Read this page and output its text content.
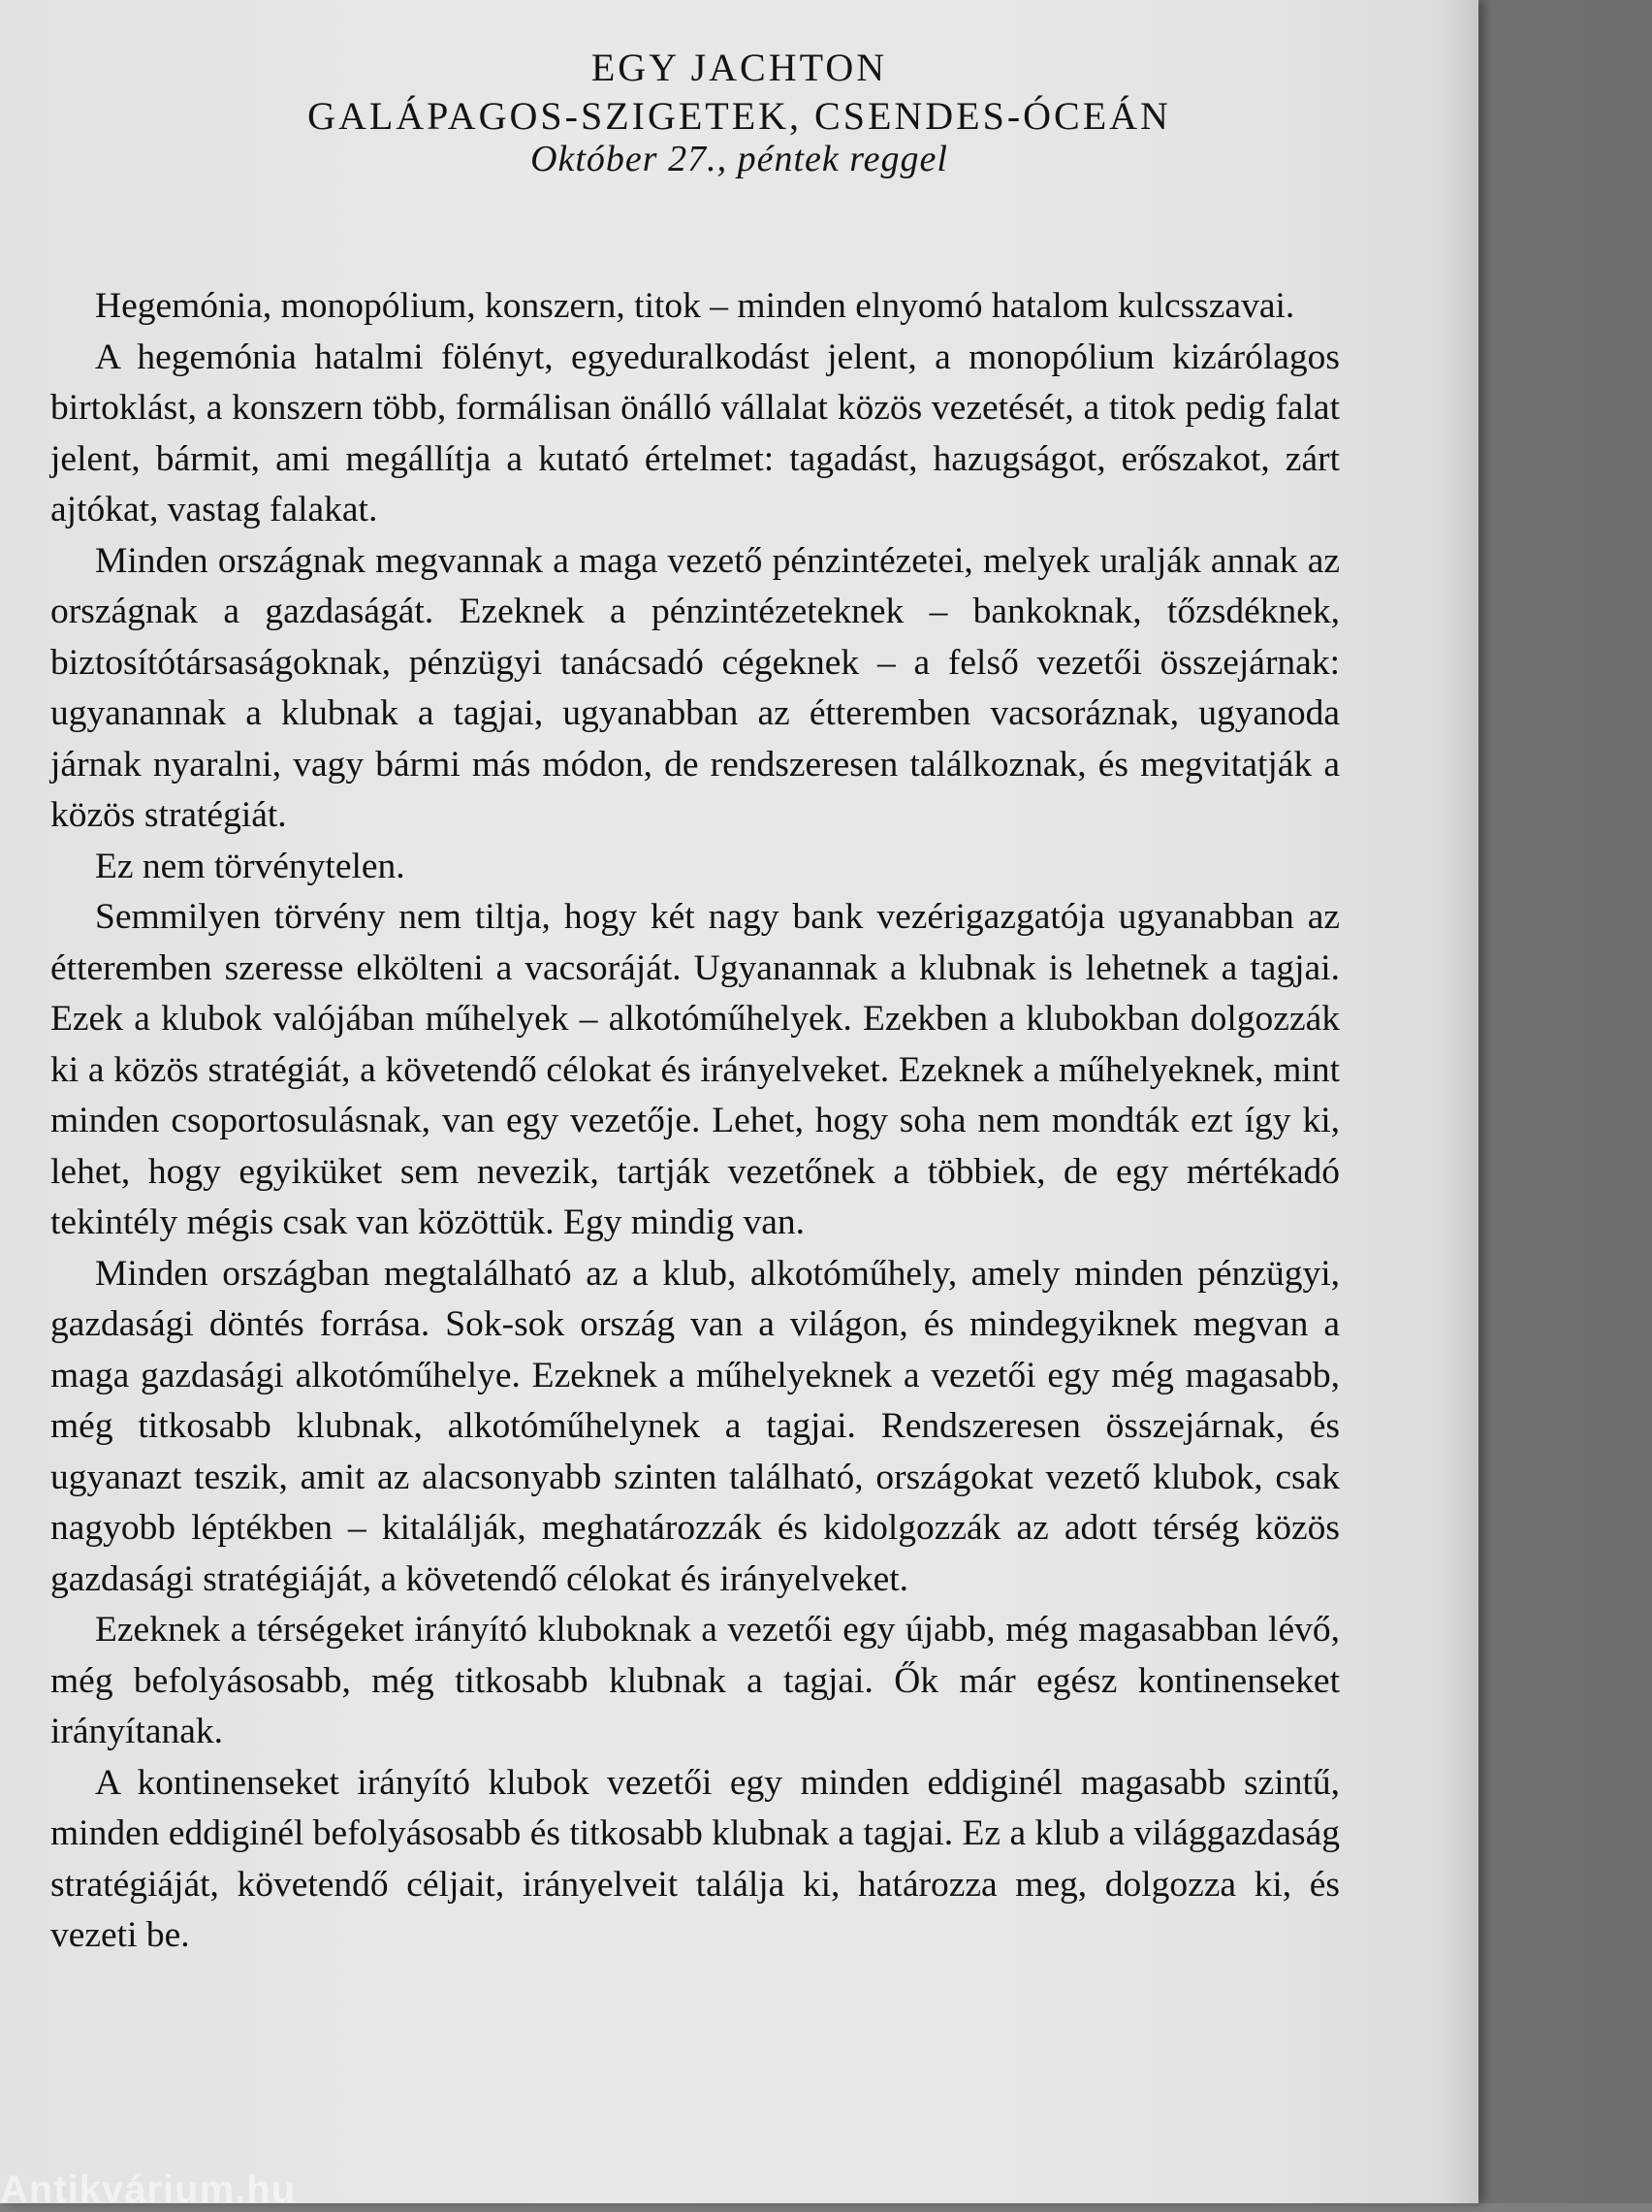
EGY JACHTON
GALÁPAGOS-SZIGETEK, CSENDES-ÓCEÁN
Október 27., péntek reggel

Hegemónia, monopólium, konszern, titok – minden elnyomó hatalom kulcsszavai.

A hegemónia hatalmi fölényt, egyeduralkodást jelent, a monopólium kizárólagos birtoklást, a konszern több, formálisan önálló vállalat közös vezetését, a titok pedig falat jelent, bármit, ami megállítja a kutató értelmet: tagadást, hazugságot, erőszakot, zárt ajtókat, vastag falakat.

Minden országnak megvannak a maga vezető pénzintézetei, melyek uralják annak az országnak a gazdaságát. Ezeknek a pénzintézeteknek – bankoknak, tőzsdéknek, biztosítótársaságoknak, pénzügyi tanácsadó cégeknek – a felső vezetői összejárnak: ugyanannak a klubnak a tagjai, ugyanabban az étteremben vacsoráznak, ugyanoda járnak nyaralni, vagy bármi más módon, de rendszeresen találkoznak, és megvitatják a közös stratégiát.

Ez nem törvénytelen.

Semmilyen törvény nem tiltja, hogy két nagy bank vezérigazgatója ugyanabban az étteremben szeresse elkölteni a vacsoráját. Ugyanannak a klubnak is lehetnek a tagjai. Ezek a klubok valójában műhelyek – alkotóműhelyek. Ezekben a klubokban dolgozzák ki a közös stratégiát, a követendő célokat és irányelveket. Ezeknek a műhelyeknek, mint minden csoportosulásnak, van egy vezetője. Lehet, hogy soha nem mondták ezt így ki, lehet, hogy egyiküket sem nevezik, tartják vezetőnek a többiek, de egy mértékadó tekintély mégis csak van közöttük. Egy mindig van.

Minden országban megtalálható az a klub, alkotóműhely, amely minden pénzügyi, gazdasági döntés forrása. Sok-sok ország van a világon, és mindegyiknek megvan a maga gazdasági alkotóműhelye. Ezeknek a műhelyeknek a vezetői egy még magasabb, még titkosabb klubnak, alkotóműhelynek a tagjai. Rendszeresen összejárnak, és ugyanazt teszik, amit az alacsonyabb szinten található, országokat vezető klubok, csak nagyobb léptékben – kitalálják, meghatározzák és kidolgozzák az adott térség közös gazdasági stratégiáját, a követendő célokat és irányelveket.

Ezeknek a térségeket irányító kluboknak a vezetői egy újabb, még magasabban lévő, még befolyásosabb, még titkosabb klubnak a tagjai. Ők már egész kontinenseket irányítanak.

A kontinenseket irányító klubok vezetői egy minden eddiginél magasabb szintű, minden eddiginél befolyásosabb és titkosabb klubnak a tagjai. Ez a klub a világgazdaság stratégiáját, követendő céljait, irányelveit találja ki, határozza meg, dolgozza ki, és vezeti be.

Antikvárium.hu
